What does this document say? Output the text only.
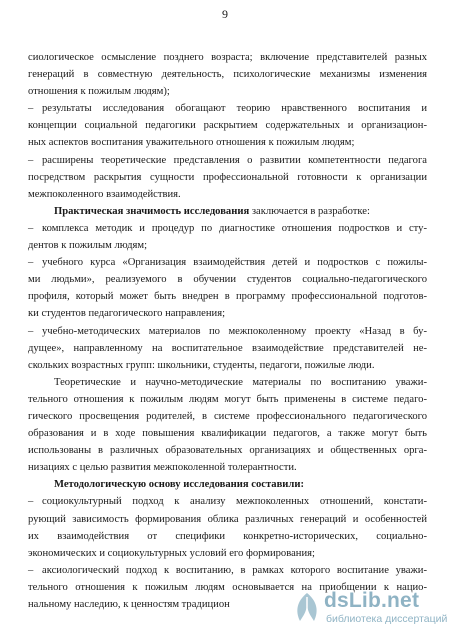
9
сиологическое осмысление позднего возраста; включение представителей разных
генераций в совместную деятельность, психологические механизмы изменения
отношения к пожилым людям);
– результаты исследования обогащают теорию нравственного воспитания и
концепции социальной педагогики раскрытием содержательных и организацион-
ных аспектов воспитания уважительного отношения к пожилым людям;
– расширены теоретические представления о развитии компетентности педагога
посредством раскрытия сущности профессиональной готовности к организации
межпоколенного взаимодействия.
Практическая значимость исследования заключается в разработке:
– комплекса методик и процедур по диагностике отношения подростков и сту-
дентов к пожилым людям;
– учебного курса «Организация взаимодействия детей и подростков с пожилы-
ми людьми», реализуемого в обучении студентов социально-педагогического
профиля, который может быть внедрен в программу профессиональной подготов-
ки студентов педагогического направления;
– учебно-методических материалов по межпоколенному проекту «Назад в бу-
дущее», направленному на воспитательное взаимодействие представителей не-
скольких возрастных групп: школьники, студенты, педагоги, пожилые люди.
Теоретические и научно-методические материалы по воспитанию уважи-
тельного отношения к пожилым людям могут быть применены в системе педаго-
гического просвещения родителей, в системе профессионального педагогического
образования и в ходе повышения квалификации педагогов, а также могут быть
использованы в различных образовательных организациях и общественных орга-
низациях с целью развития межпоколенной толерантности.
Методологическую основу исследования составили:
– социокультурный подход к анализу межпоколенных отношений, констати-
рующий зависимость формирования облика различных генераций и особенностей
их взаимодействия от специфики конкретно-исторических, социально-
экономических и социокультурных условий его формирования;
– аксиологический подход к воспитанию, в рамках которого воспитание уважи-
тельного отношения к пожилым людям основывается на приобщении к нацио-
нальному наследию, к ценностям традицион	dsLib.net
библиотека диссертаций
